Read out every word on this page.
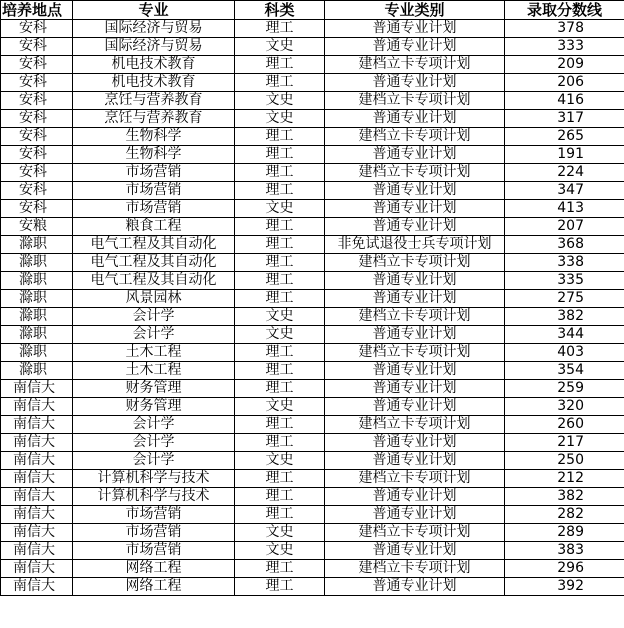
培养地点	专业	科类	专业类别	录取分数线
安科	国际经济与贸易	理工	普通专业计划	378
安科	国际经济与贸易	文史	普通专业计划	333
安科	机电技术教育	理工	建档立卡专项计划	209
安科	机电技术教育	理工	普通专业计划	206
安科	烹饪与营养教育	文史	建档立卡专项计划	416
安科	烹饪与营养教育	文史	普通专业计划	317
安科	生物科学	理工	建档立卡专项计划	265
安科	生物科学	理工	普通专业计划	191
安科	市场营销	理工	建档立卡专项计划	224
安科	市场营销	理工	普通专业计划	347
安科	市场营销	文史	普通专业计划	413
安粮	粮食工程	理工	普通专业计划	207
滁职	电气工程及其自动化	理工	非免试退役士兵专项计划	368
滁职	电气工程及其自动化	理工	建档立卡专项计划	338
滁职	电气工程及其自动化	理工	普通专业计划	335
滁职	风景园林	理工	普通专业计划	275
滁职	会计学	文史	建档立卡专项计划	382
滁职	会计学	文史	普通专业计划	344
滁职	土木工程	理工	建档立卡专项计划	403
滁职	土木工程	理工	普通专业计划	354
南信大	财务管理	理工	普通专业计划	259
南信大	财务管理	文史	普通专业计划	320
南信大	会计学	理工	建档立卡专项计划	260
南信大	会计学	理工	普通专业计划	217
南信大	会计学	文史	普通专业计划	250
南信大	计算机科学与技术	理工	建档立卡专项计划	212
南信大	计算机科学与技术	理工	普通专业计划	382
南信大	市场营销	理工	普通专业计划	282
南信大	市场营销	文史	建档立卡专项计划	289
南信大	市场营销	文史	普通专业计划	383
南信大	网络工程	理工	建档立卡专项计划	296
南信大	网络工程	理工	普通专业计划	392
